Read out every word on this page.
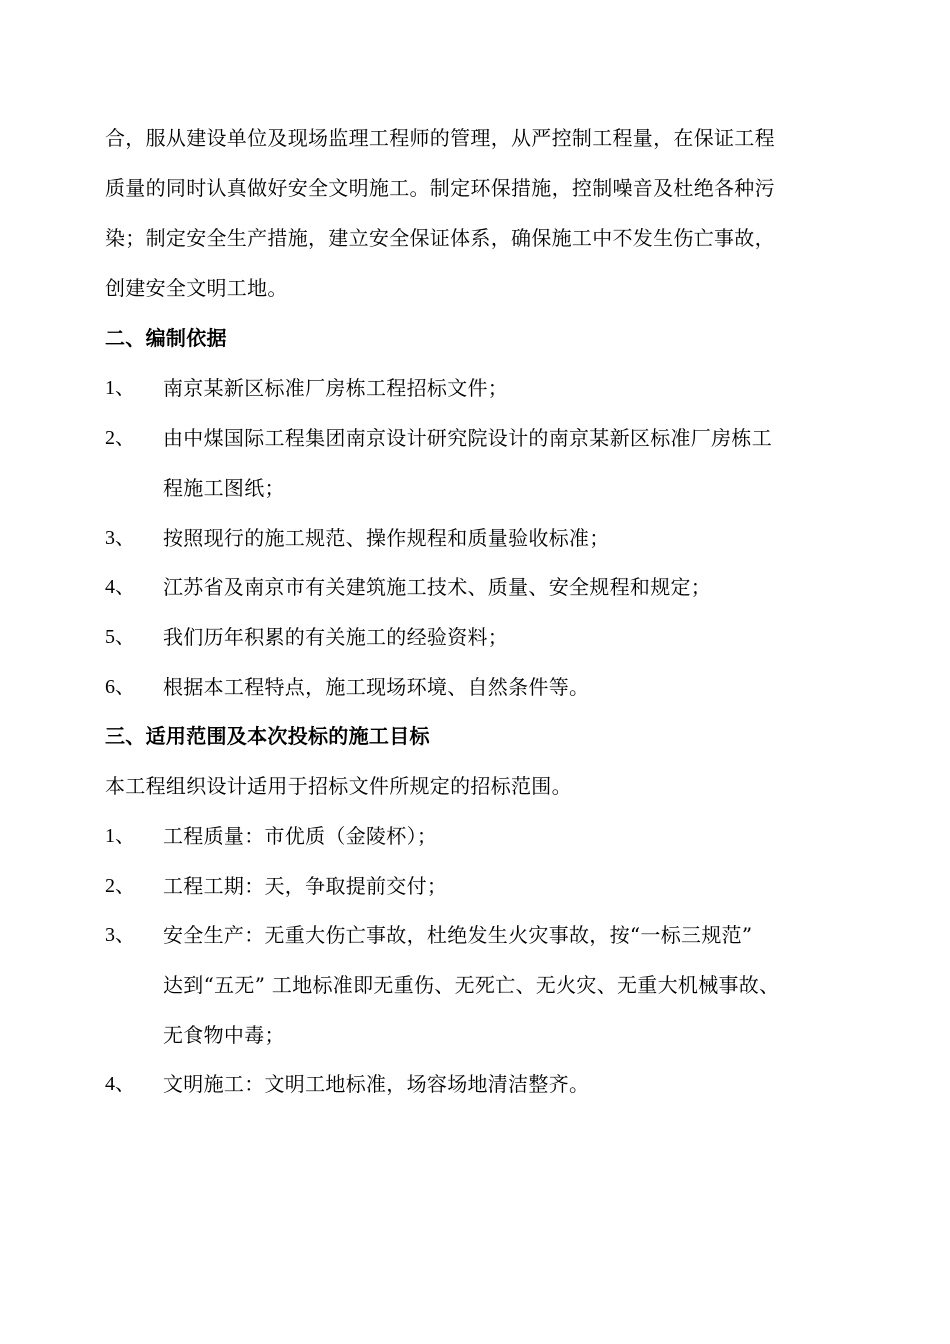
合，服从建设单位及现场监理工程师的管理，从严控制工程量，在保证工程
质量的同时认真做好安全文明施工。制定环保措施，控制噪音及杜绝各种污
染；制定安全生产措施，建立安全保证体系，确保施工中不发生伤亡事故，
创建安全文明工地。
二、编制依据
1、 南京某新区标准厂房栋工程招标文件；
2、 由中煤国际工程集团南京设计研究院设计的南京某新区标准厂房栋工
程施工图纸；
3、 按照现行的施工规范、操作规程和质量验收标准；
4、 江苏省及南京市有关建筑施工技术、质量、安全规程和规定；
5、 我们历年积累的有关施工的经验资料；
6、 根据本工程特点，施工现场环境、自然条件等。
三、适用范围及本次投标的施工目标
本工程组织设计适用于招标文件所规定的招标范围。
1、 工程质量：市优质（金陵杯）；
2、 工程工期：天，争取提前交付；
3、 安全生产：无重大伤亡事故，杜绝发生火灾事故，按“一标三规范”
达到“五无” 工地标准即无重伤、无死亡、无火灾、无重大机械事故、
无食物中毒；
4、 文明施工：文明工地标准，场容场地清洁整齐。
